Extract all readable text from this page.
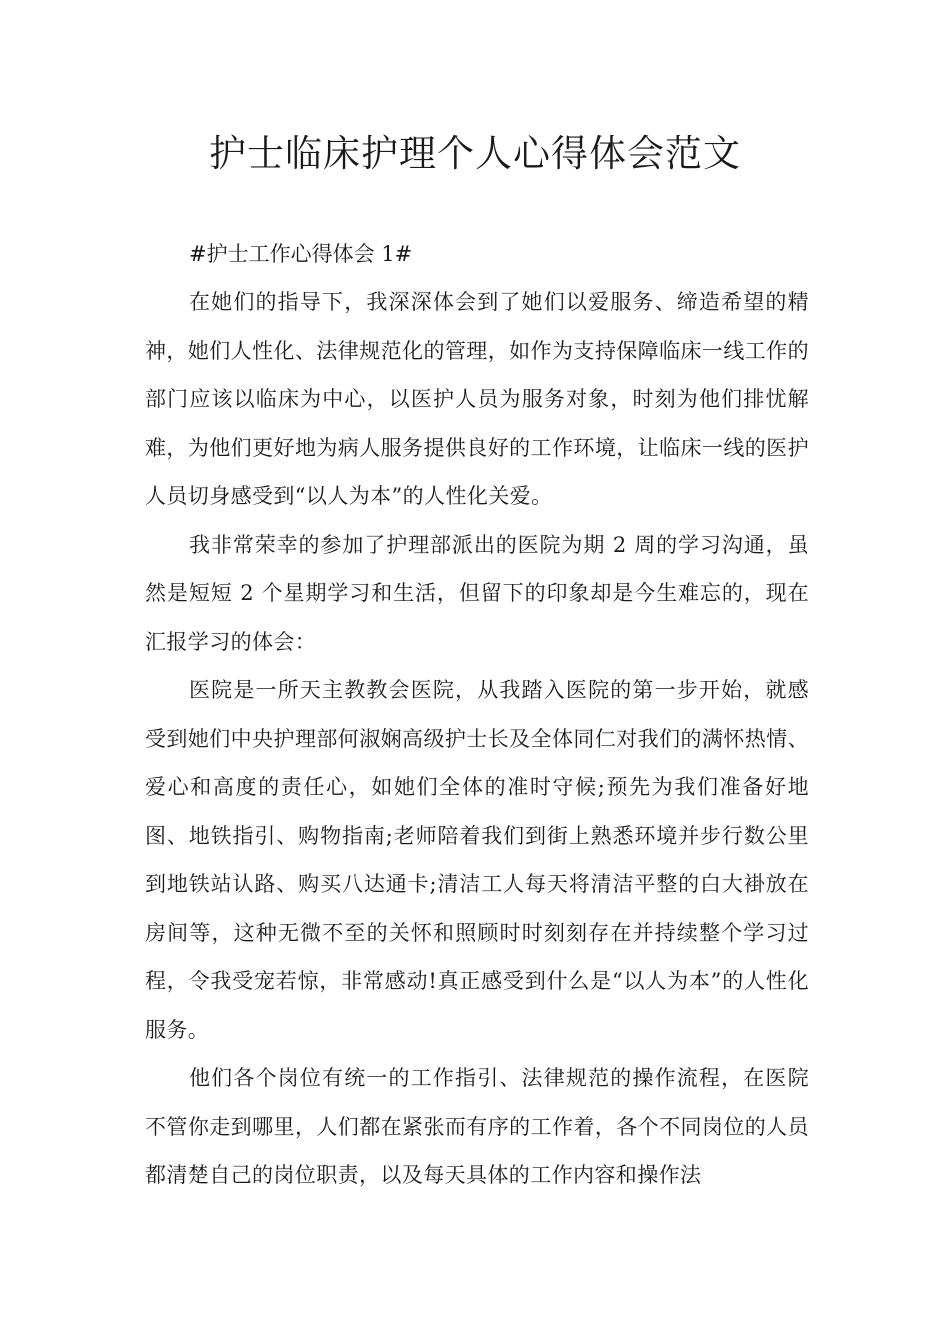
护士临床护理个人心得体会范文

#护士工作心得体会 1#

在她们的指导下，我深深体会到了她们以爱服务、缔造希望的精神，她们人性化、法律规范化的管理，如作为支持保障临床一线工作的部门应该以临床为中心，以医护人员为服务对象，时刻为他们排忧解难，为他们更好地为病人服务提供良好的工作环境，让临床一线的医护人员切身感受到“以人为本”的人性化关爱。

我非常荣幸的参加了护理部派出的医院为期 2 周的学习沟通，虽然是短短 2 个星期学习和生活，但留下的印象却是今生难忘的，现在汇报学习的体会：

医院是一所天主教教会医院，从我踏入医院的第一步开始，就感受到她们中央护理部何淑娴高级护士长及全体同仁对我们的满怀热情、爱心和高度的责任心，如她们全体的准时守候;预先为我们准备好地图、地铁指引、购物指南;老师陪着我们到街上熟悉环境并步行数公里到地铁站认路、购买八达通卡;清洁工人每天将清洁平整的白大褂放在房间等，这种无微不至的关怀和照顾时时刻刻存在并持续整个学习过程，令我受宠若惊，非常感动!真正感受到什么是“以人为本”的人性化服务。

他们各个岗位有统一的工作指引、法律规范的操作流程，在医院不管你走到哪里，人们都在紧张而有序的工作着，各个不同岗位的人员都清楚自己的岗位职责，以及每天具体的工作内容和操作法
